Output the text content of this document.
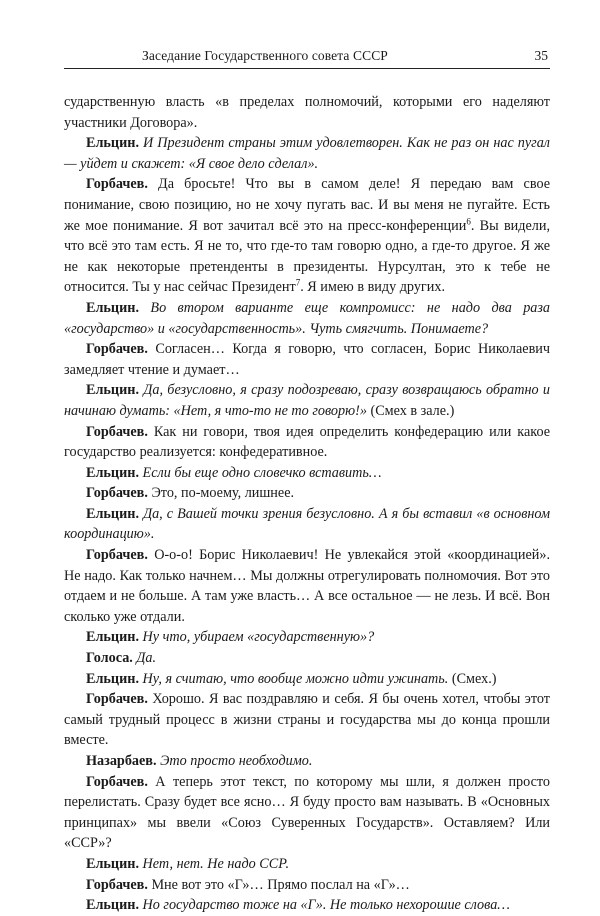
Заседание Государственного совета СССР	35

сударственную власть «в пределах полномочий, которыми его наделяют участники Договора».

Ельцин. И Президент страны этим удовлетворен. Как не раз он нас пугал — уйдет и скажет: «Я свое дело сделал».

Горбачев. Да бросьте! Что вы в самом деле! Я передаю вам свое понимание, свою позицию, но не хочу пугать вас. И вы меня не пугайте. Есть же мое понимание. Я вот зачитал всё это на пресс-конференции$^6$. Вы видели, что всё это там есть. Я не то, что где-то там говорю одно, а где-то другое. Я же не как некоторые претенденты в президенты. Нурсултан, это к тебе не относится. Ты у нас сейчас Президент$^7$. Я имею в виду других.

Ельцин. Во втором варианте еще компромисс: не надо два раза «государство» и «государственность». Чуть смягчить. Понимаете?

Горбачев. Согласен… Когда я говорю, что согласен, Борис Николаевич замедляет чтение и думает…

Ельцин. Да, безусловно, я сразу подозреваю, сразу возвращаюсь обратно и начинаю думать: «Нет, я что-то не то говорю!» (Смех в зале.)

Горбачев. Как ни говори, твоя идея определить конфедерацию или какое государство реализуется: конфедеративное.

Ельцин. Если бы еще одно словечко вставить…

Горбачев. Это, по-моему, лишнее.

Ельцин. Да, с Вашей точки зрения безусловно. А я бы вставил «в основном координацию».

Горбачев. О-о-о! Борис Николаевич! Не увлекайся этой «координацией». Не надо. Как только начнем… Мы должны отрегулировать полномочия. Вот это отдаем и не больше. А там уже власть… А все остальное — не лезь. И всё. Вон сколько уже отдали.

Ельцин. Ну что, убираем «государственную»?

Голоса. Да.

Ельцин. Ну, я считаю, что вообще можно идти ужинать. (Смех.)

Горбачев. Хорошо. Я вас поздравляю и себя. Я бы очень хотел, чтобы этот самый трудный процесс в жизни страны и государства мы до конца прошли вместе.

Назарбаев. Это просто необходимо.

Горбачев. А теперь этот текст, по которому мы шли, я должен просто перелистать. Сразу будет все ясно… Я буду просто вам называть. В «Основных принципах» мы ввели «Союз Суверенных Государств». Оставляем? Или «ССР»?

Ельцин. Нет, нет. Не надо ССР.

Горбачев. Мне вот это «Г»… Прямо послал на «Г»…

Ельцин. Но государство тоже на «Г». Не только нехорошие слова…
